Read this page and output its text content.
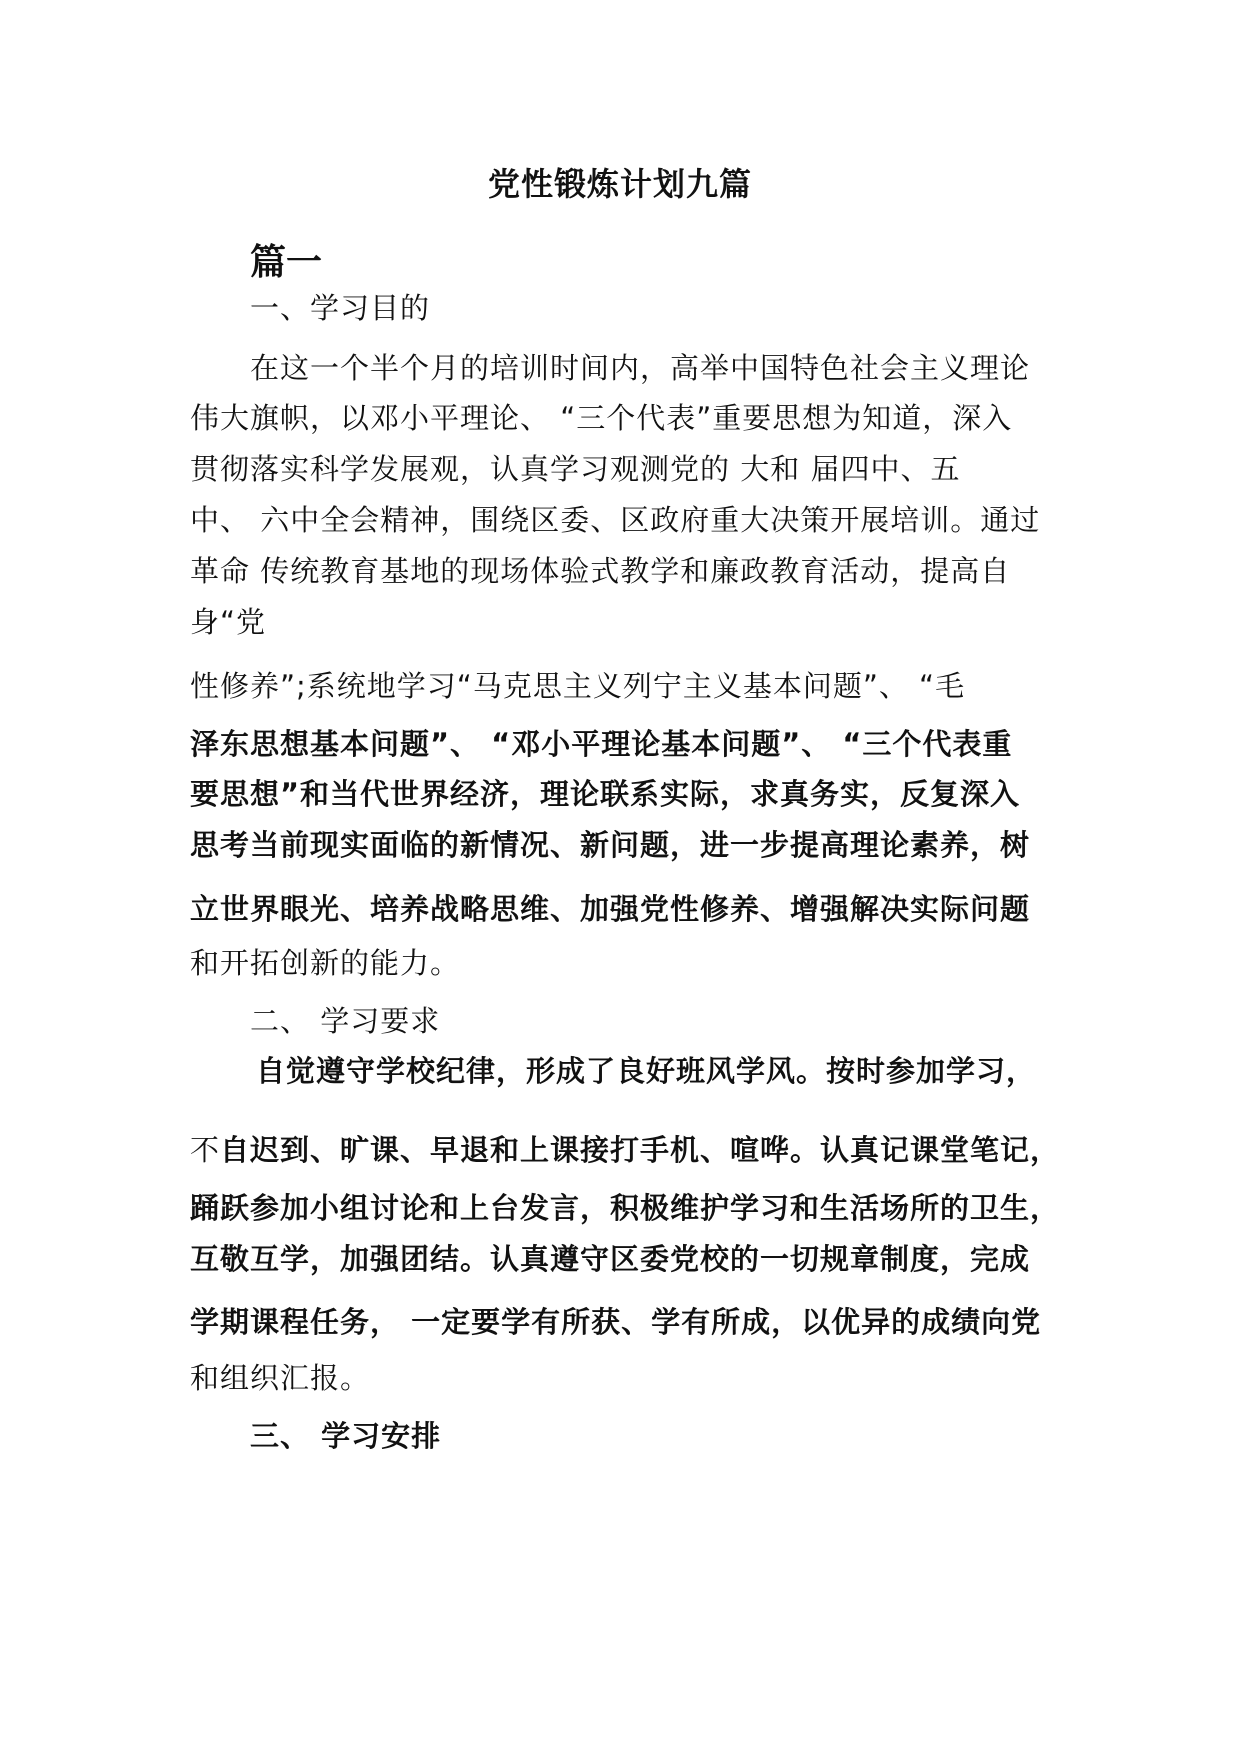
党性锻炼计划九篇
篇一
一、学习目的
在这一个半个月的培训时间内，高举中国特色社会主义理论
伟大旗帜，以邓小平理论、 “三个代表”重要思想为知道，深入
贯彻落实科学发展观，认真学习观测党的 大和 届四中、五
中、 六中全会精神，围绕区委、区政府重大决策开展培训。通过
革命 传统教育基地的现场体验式教学和廉政教育活动，提高自
身“党
性修养”;系统地学习“马克思主义列宁主义基本问题”、 “毛
泽东思想基本问题”、 “邓小平理论基本问题”、 “三个代表重
要思想”和当代世界经济，理论联系实际，求真务实，反复深入
思考当前现实面临的新情况、新问题，进一步提高理论素养，树
立世界眼光、培养战略思维、加强党性修养、增强解决实际问题
和开拓创新的能力。
二、 学习要求
自觉遵守学校纪律，形成了良好班风学风。按时参加学习，
不 自迟到、旷课、早退和上课接打手机、喧哗。认真记课堂笔记，
踊跃参加小组讨论和上台发言，积极维护学习和生活场所的卫生，
互敬互学，加强团结。认真遵守区委党校的一切规章制度，完成
学期课程任务， 一定要学有所获、学有所成，以优异的成绩向党
和组织汇报。
三、 学习安排
